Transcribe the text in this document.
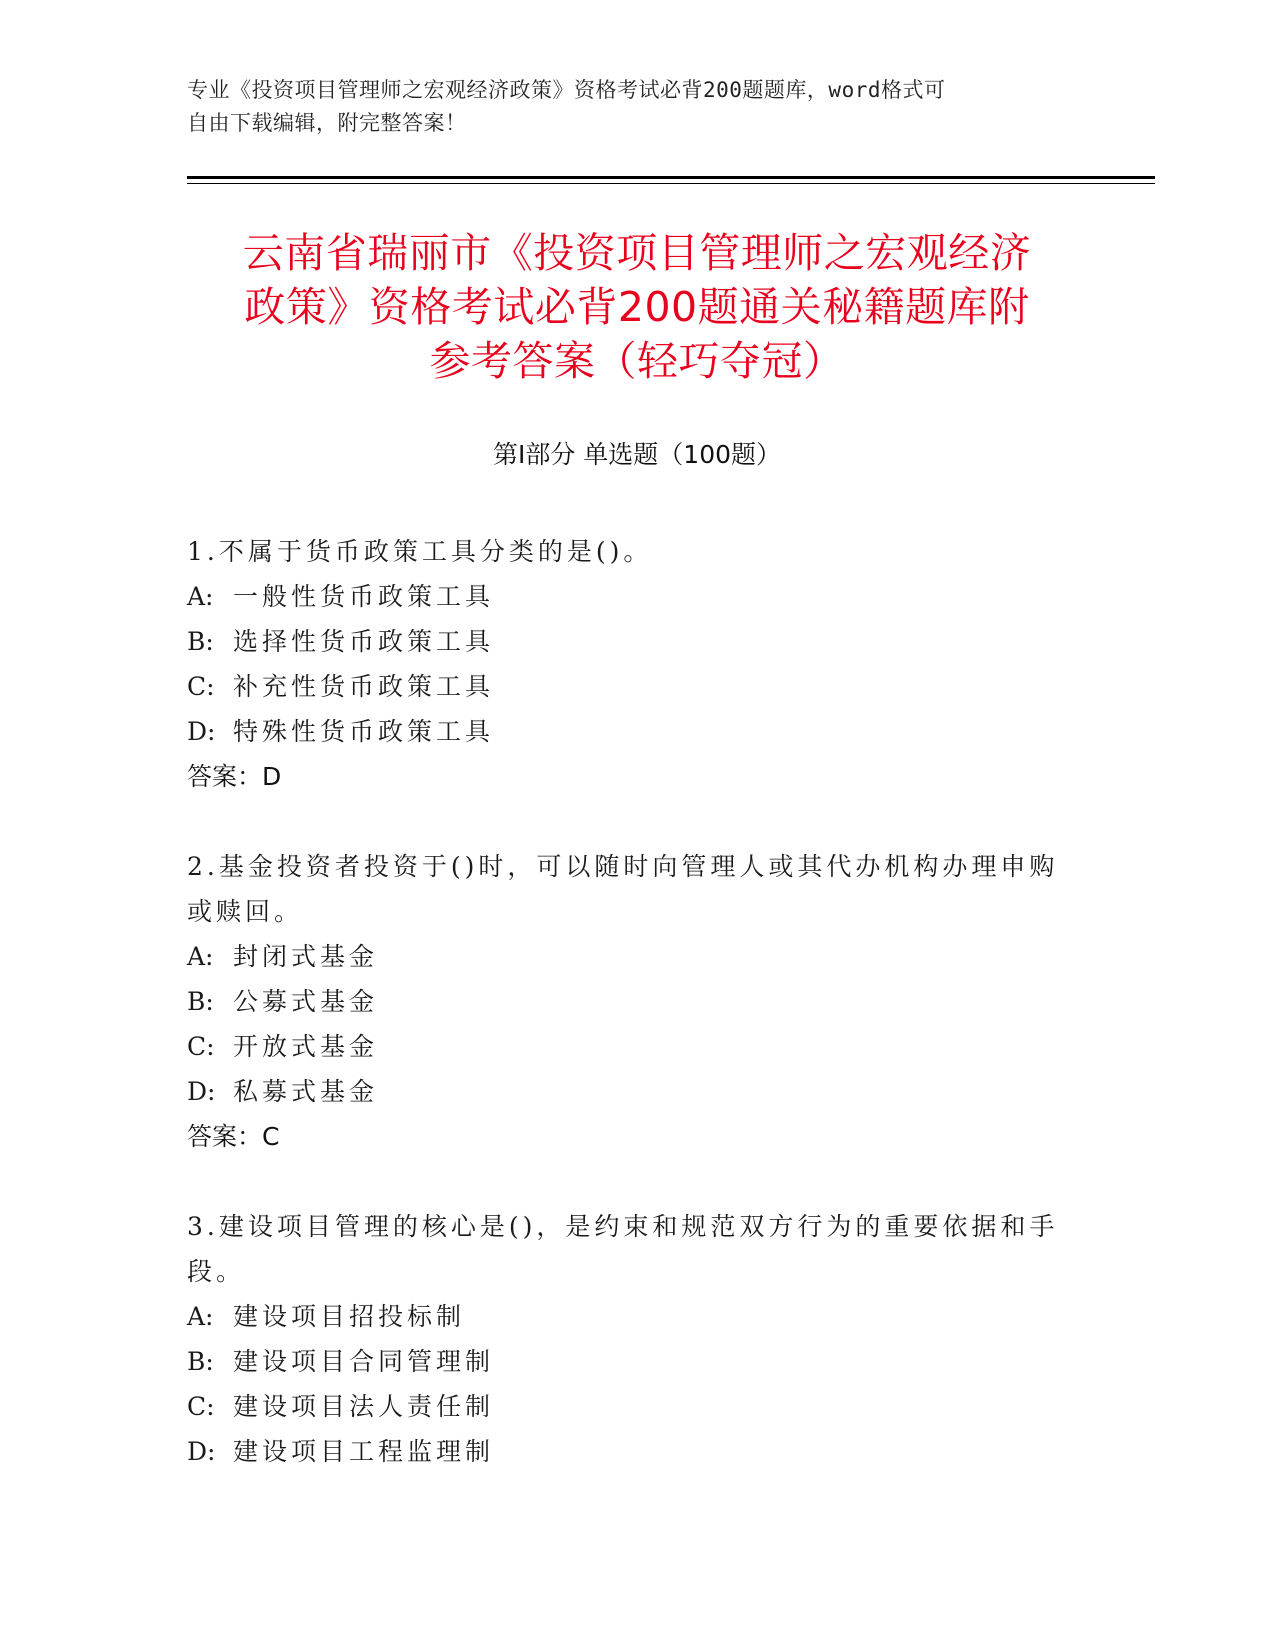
专业《投资项目管理师之宏观经济政策》资格考试必背200题题库，word格式可
自由下载编辑，附完整答案！
云南省瑞丽市《投资项目管理师之宏观经济
政策》资格考试必背200题通关秘籍题库附
参考答案（轻巧夺冠）
第Ⅰ部分 单选题（100题）

1.不属于货币政策工具分类的是()。

A: 一般性货币政策工具

B: 选择性货币政策工具

C: 补充性货币政策工具

D: 特殊性货币政策工具

答案：D

2.基金投资者投资于()时，可以随时向管理人或其代办机构办理申购

或赎回。

A: 封闭式基金

B: 公募式基金

C: 开放式基金

D: 私募式基金

答案：C

3.建设项目管理的核心是()，是约束和规范双方行为的重要依据和手

段。

A: 建设项目招投标制

B: 建设项目合同管理制

C: 建设项目法人责任制

D: 建设项目工程监理制
